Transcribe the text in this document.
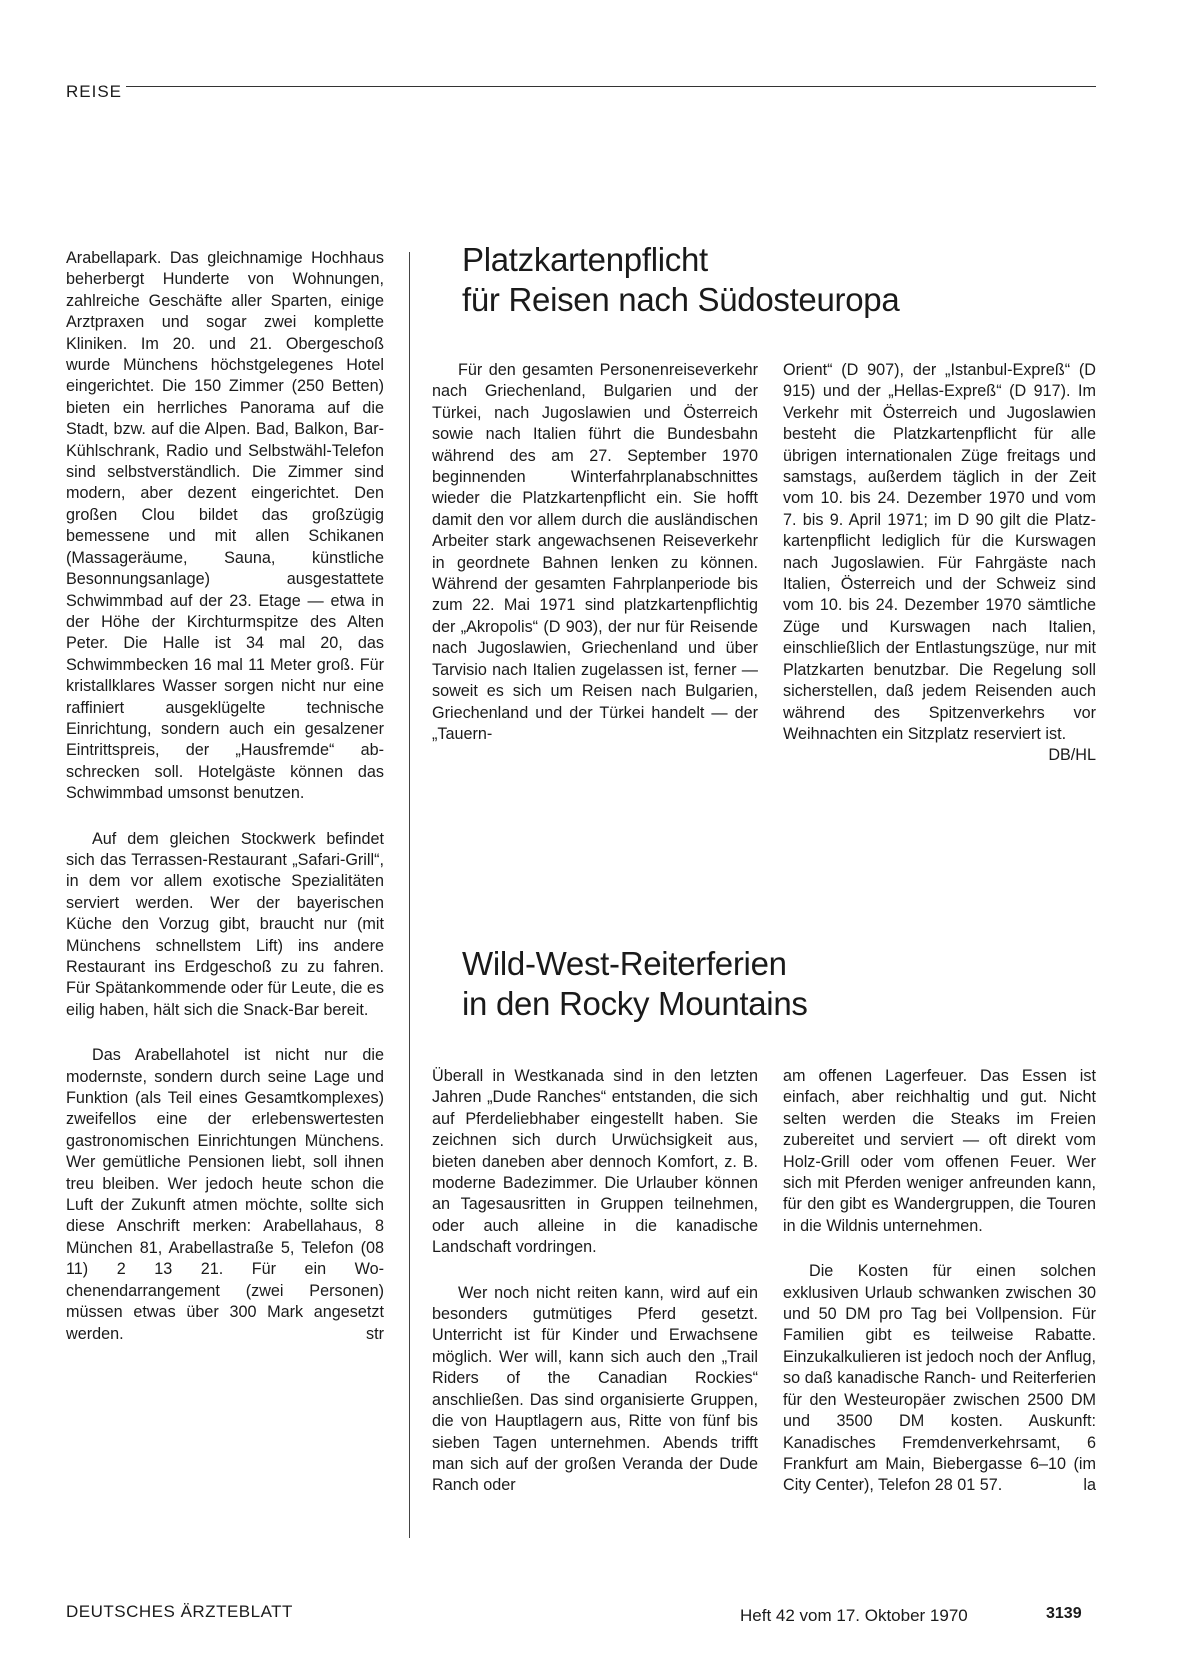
REISE

Arabellapark. Das gleichnamige Hochhaus beherbergt Hunderte von Wohnungen, zahlreiche Geschäfte aller Sparten, einige Arztpraxen und sogar zwei komplette Kliniken. Im 20. und 21. Obergeschoß wurde Münchens höchstgelegenes Hotel eingerichtet. Die 150 Zimmer (250 Betten) bieten ein herrliches Panorama auf die Stadt, bzw. auf die Alpen. Bad, Balkon, Bar-Kühlschrank, Radio und Selbstwähl-Telefon sind selbstverständlich. Die Zimmer sind modern, aber dezent eingerichtet. Den großen Clou bildet das großzügig bemessene und mit allen Schikanen (Massageräume, Sauna, künstliche Besonnungsanlage) ausgestattete Schwimmbad auf der 23. Etage — etwa in der Höhe der Kirchturmspitze des Alten Peter. Die Halle ist 34 mal 20, das Schwimmbecken 16 mal 11 Meter groß. Für kristallklares Wasser sorgen nicht nur eine raffiniert ausgeklügelte technische Einrichtung, sondern auch ein gesalzener Eintrittspreis, der „Hausfremde“ abschrecken soll. Hotelgäste können das Schwimmbad umsonst benutzen.

Auf dem gleichen Stockwerk befindet sich das Terrassen-Restaurant „Safari-Grill“, in dem vor allem exotische Spezialitäten serviert werden. Wer der bayerischen Küche den Vorzug gibt, braucht nur (mit Münchens schnellstem Lift) ins andere Restaurant ins Erdgeschoß zu zu fahren. Für Spätankommende oder für Leute, die es eilig haben, hält sich die Snack-Bar bereit.

Das Arabellahotel ist nicht nur die modernste, sondern durch seine Lage und Funktion (als Teil eines Gesamtkomplexes) zweifellos eine der erlebenswertesten gastronomischen Einrichtungen Münchens. Wer gemütliche Pensionen liebt, soll ihnen treu bleiben. Wer jedoch heute schon die Luft der Zukunft atmen möchte, sollte sich diese Anschrift merken: Arabellahaus, 8 München 81, Arabellastraße 5, Telefon (08 11) 2 13 21. Für ein Wochenendarrangement (zwei Personen) müssen etwas über 300 Mark angesetzt werden.	str

Platzkartenpflicht
für Reisen nach Südosteuropa

Für den gesamten Personenreiseverkehr nach Griechenland, Bulgarien und der Türkei, nach Jugoslawien und Österreich sowie nach Italien führt die Bundesbahn während des am 27. September 1970 beginnenden Winterfahrplanabschnittes wieder die Platzkartenpflicht ein. Sie hofft damit den vor allem durch die ausländischen Arbeiter stark angewachsenen Reiseverkehr in geordnete Bahnen lenken zu können. Während der gesamten Fahrplanperiode bis zum 22. Mai 1971 sind platzkartenpflichtig der „Akropolis“ (D 903), der nur für Reisende nach Jugoslawien, Griechenland und über Tarvisio nach Italien zugelassen ist, ferner — soweit es sich um Reisen nach Bulgarien, Griechenland und der Türkei handelt — der „Tauern-

Orient“ (D 907), der „Istanbul-Expreß“ (D 915) und der „Hellas-Expreß“ (D 917). Im Verkehr mit Österreich und Jugoslawien besteht die Platzkartenpflicht für alle übrigen internationalen Züge freitags und samstags, außerdem täglich in der Zeit vom 10. bis 24. Dezember 1970 und vom 7. bis 9. April 1971; im D 90 gilt die Platzkartenpflicht lediglich für die Kurswagen nach Jugoslawien. Für Fahrgäste nach Italien, Österreich und der Schweiz sind vom 10. bis 24. Dezember 1970 sämtliche Züge und Kurswagen nach Italien, einschließlich der Entlastungszüge, nur mit Platzkarten benutzbar. Die Regelung soll sicherstellen, daß jedem Reisenden auch während des Spitzenverkehrs vor Weihnachten ein Sitzplatz reserviert ist.
DB/HL

Wild-West-Reiterferien
in den Rocky Mountains

Überall in Westkanada sind in den letzten Jahren „Dude Ranches“ entstanden, die sich auf Pferdeliebhaber eingestellt haben. Sie zeichnen sich durch Urwüchsigkeit aus, bieten daneben aber dennoch Komfort, z. B. moderne Badezimmer. Die Urlauber können an Tagesausritten in Gruppen teilnehmen, oder auch alleine in die kanadische Landschaft vordringen.

Wer noch nicht reiten kann, wird auf ein besonders gutmütiges Pferd gesetzt. Unterricht ist für Kinder und Erwachsene möglich. Wer will, kann sich auch den „Trail Riders of the Canadian Rockies“ anschließen. Das sind organisierte Gruppen, die von Hauptlagern aus, Ritte von fünf bis sieben Tagen unternehmen. Abends trifft man sich auf der großen Veranda der Dude Ranch oder

am offenen Lagerfeuer. Das Essen ist einfach, aber reichhaltig und gut. Nicht selten werden die Steaks im Freien zubereitet und serviert — oft direkt vom Holz-Grill oder vom offenen Feuer. Wer sich mit Pferden weniger anfreunden kann, für den gibt es Wandergruppen, die Touren in die Wildnis unternehmen.

Die Kosten für einen solchen exklusiven Urlaub schwanken zwischen 30 und 50 DM pro Tag bei Vollpension. Für Familien gibt es teilweise Rabatte. Einzukalkulieren ist jedoch noch der Anflug, so daß kanadische Ranch- und Reiterferien für den Westeuropäer zwischen 2500 DM und 3500 DM kosten. Auskunft: Kanadisches Fremdenverkehrsamt, 6 Frankfurt am Main, Biebergasse 6–10 (im City Center), Telefon 28 01 57.	la

DEUTSCHES ÄRZTEBLATT	Heft 42 vom 17. Oktober 1970	3139
